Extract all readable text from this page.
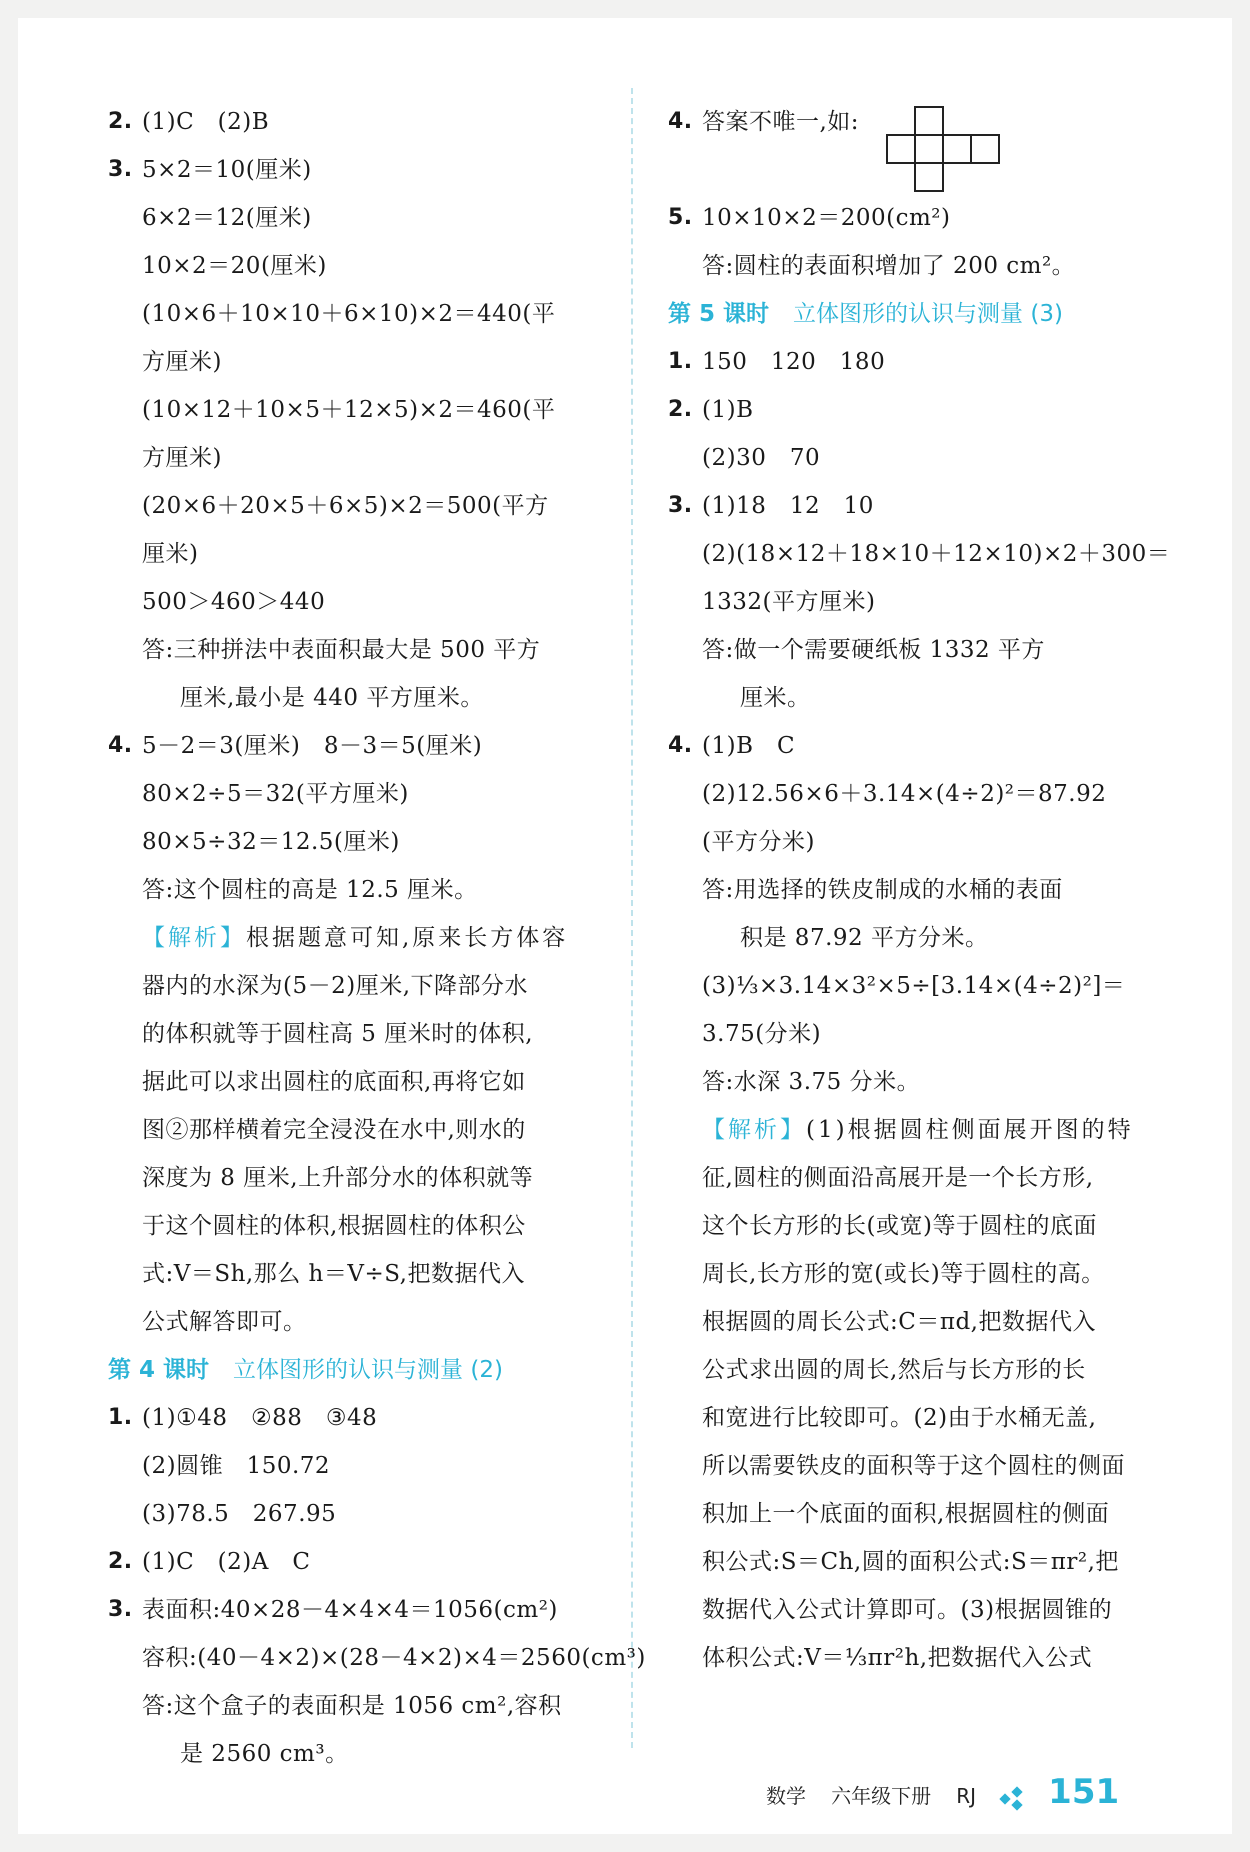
2. (1)C　(2)B
3. 5×2＝10(厘米)
6×2＝12(厘米)
10×2＝20(厘米)
(10×6＋10×10＋6×10)×2＝440(平
方厘米)
(10×12＋10×5＋12×5)×2＝460(平
方厘米)
(20×6＋20×5＋6×5)×2＝500(平方
厘米)
500＞460＞440
答:三种拼法中表面积最大是 500 平方
厘米,最小是 440 平方厘米。
4. 5－2＝3(厘米)　8－3＝5(厘米)
80×2÷5＝32(平方厘米)
80×5÷32＝12.5(厘米)
答:这个圆柱的高是 12.5 厘米。
【解析】根据题意可知,原来长方体容
器内的水深为(5－2)厘米,下降部分水
的体积就等于圆柱高 5 厘米时的体积,
据此可以求出圆柱的底面积,再将它如
图②那样横着完全浸没在水中,则水的
深度为 8 厘米,上升部分水的体积就等
于这个圆柱的体积,根据圆柱的体积公
式:V＝Sh,那么 h＝V÷S,把数据代入
公式解答即可。
第 4 课时 立体图形的认识与测量 (2)
1. (1)①48　②88　③48
(2)圆锥　150.72
(3)78.5　267.95
2. (1)C　(2)A　C
3. 表面积:40×28－4×4×4＝1056(cm²)
容积:(40－4×2)×(28－4×2)×4＝2560(cm³)
答:这个盒子的表面积是 1056 cm²,容积
是 2560 cm³。
4. 答案不唯一,如:
5. 10×10×2＝200(cm²)
答:圆柱的表面积增加了 200 cm²。
第 5 课时 立体图形的认识与测量 (3)
1. 150　120　180
2. (1)B
(2)30　70
3. (1)18　12　10
(2)(18×12＋18×10＋12×10)×2＋300＝
1332(平方厘米)
答:做一个需要硬纸板 1332 平方
厘米。
4. (1)B　C
(2)12.56×6＋3.14×(4÷2)²＝87.92
(平方分米)
答:用选择的铁皮制成的水桶的表面
积是 87.92 平方分米。
(3)⅓×3.14×3²×5÷[3.14×(4÷2)²]＝
3.75(分米)
答:水深 3.75 分米。
【解析】(1)根据圆柱侧面展开图的特
征,圆柱的侧面沿高展开是一个长方形,
这个长方形的长(或宽)等于圆柱的底面
周长,长方形的宽(或长)等于圆柱的高。
根据圆的周长公式:C＝πd,把数据代入
公式求出圆的周长,然后与长方形的长
和宽进行比较即可。(2)由于水桶无盖,
所以需要铁皮的面积等于这个圆柱的侧面
积加上一个底面的面积,根据圆柱的侧面
积公式:S＝Ch,圆的面积公式:S＝πr²,把
数据代入公式计算即可。(3)根据圆锥的
体积公式:V＝⅓πr²h,把数据代入公式
数学 六年级下册 RJ 151
